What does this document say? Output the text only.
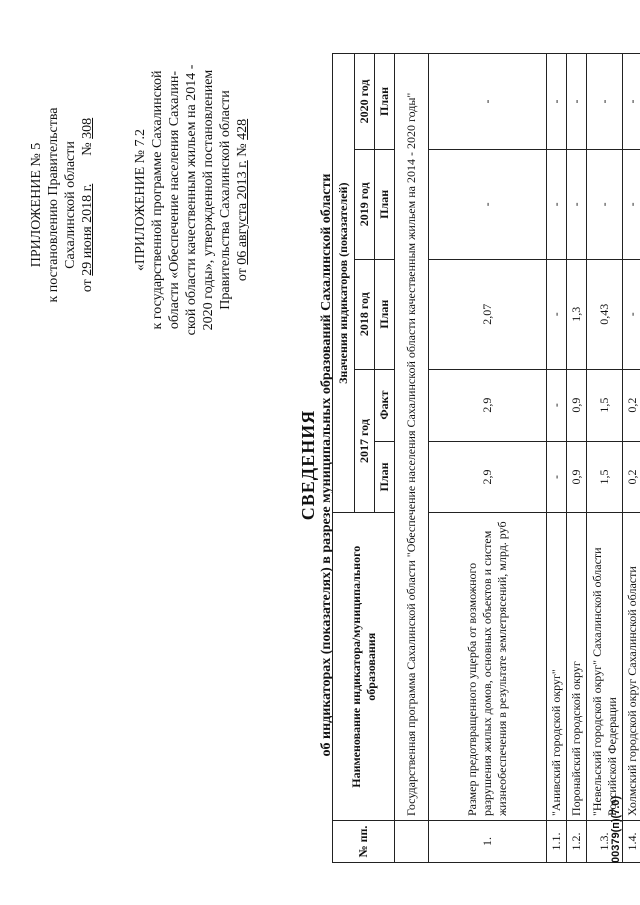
ПРИЛОЖЕНИЕ № 5 к постановлению Правительства Сахалинской области
от 29 июня 2018 г.        № 308
«ПРИЛОЖЕНИЕ № 7.2 к государственной программе Сахалинской области «Обеспечение населения Сахалин- ской области качественным жильем на 2014 - 2020 годы», утвержденной постановлением Правительства Сахалинской области от 06 августа 2013 г. № 428
СВЕДЕНИЯ об индикаторах (показателях) в разрезе муниципальных образований Сахалинской области
№ пп.	Наименование индикатора/муниципального образования	Значения индикаторов (показателей)				
		2017 год		2018 год	2019 год	2020 год
		План	Факт	План	План	План
	Государственная программа Сахалинской области "Обеспечение населения Сахалинской области качественным жильем на 2014 - 2020 годы"					
1.	Размер предотвращенного ущерба от возможного разрушения жилых домов, основных объектов и систем жизнеобеспечения в результате землетрясений, млрд. руб	2,9	2,9	2,07	-	-
1.1.	"Анивский городской округ"	-	-	-	-	-
1.2.	Поронайский городской округ	0,9	0,9	1,3	-	-
1.3.	"Невельский городской округ" Сахалинской области Российской Федерации	1,5	1,5	0,43	-	-
1.4.	Холмский городской округ Сахалинской области	0,2	0,2	-	-	-
00379(п)(7.0)
